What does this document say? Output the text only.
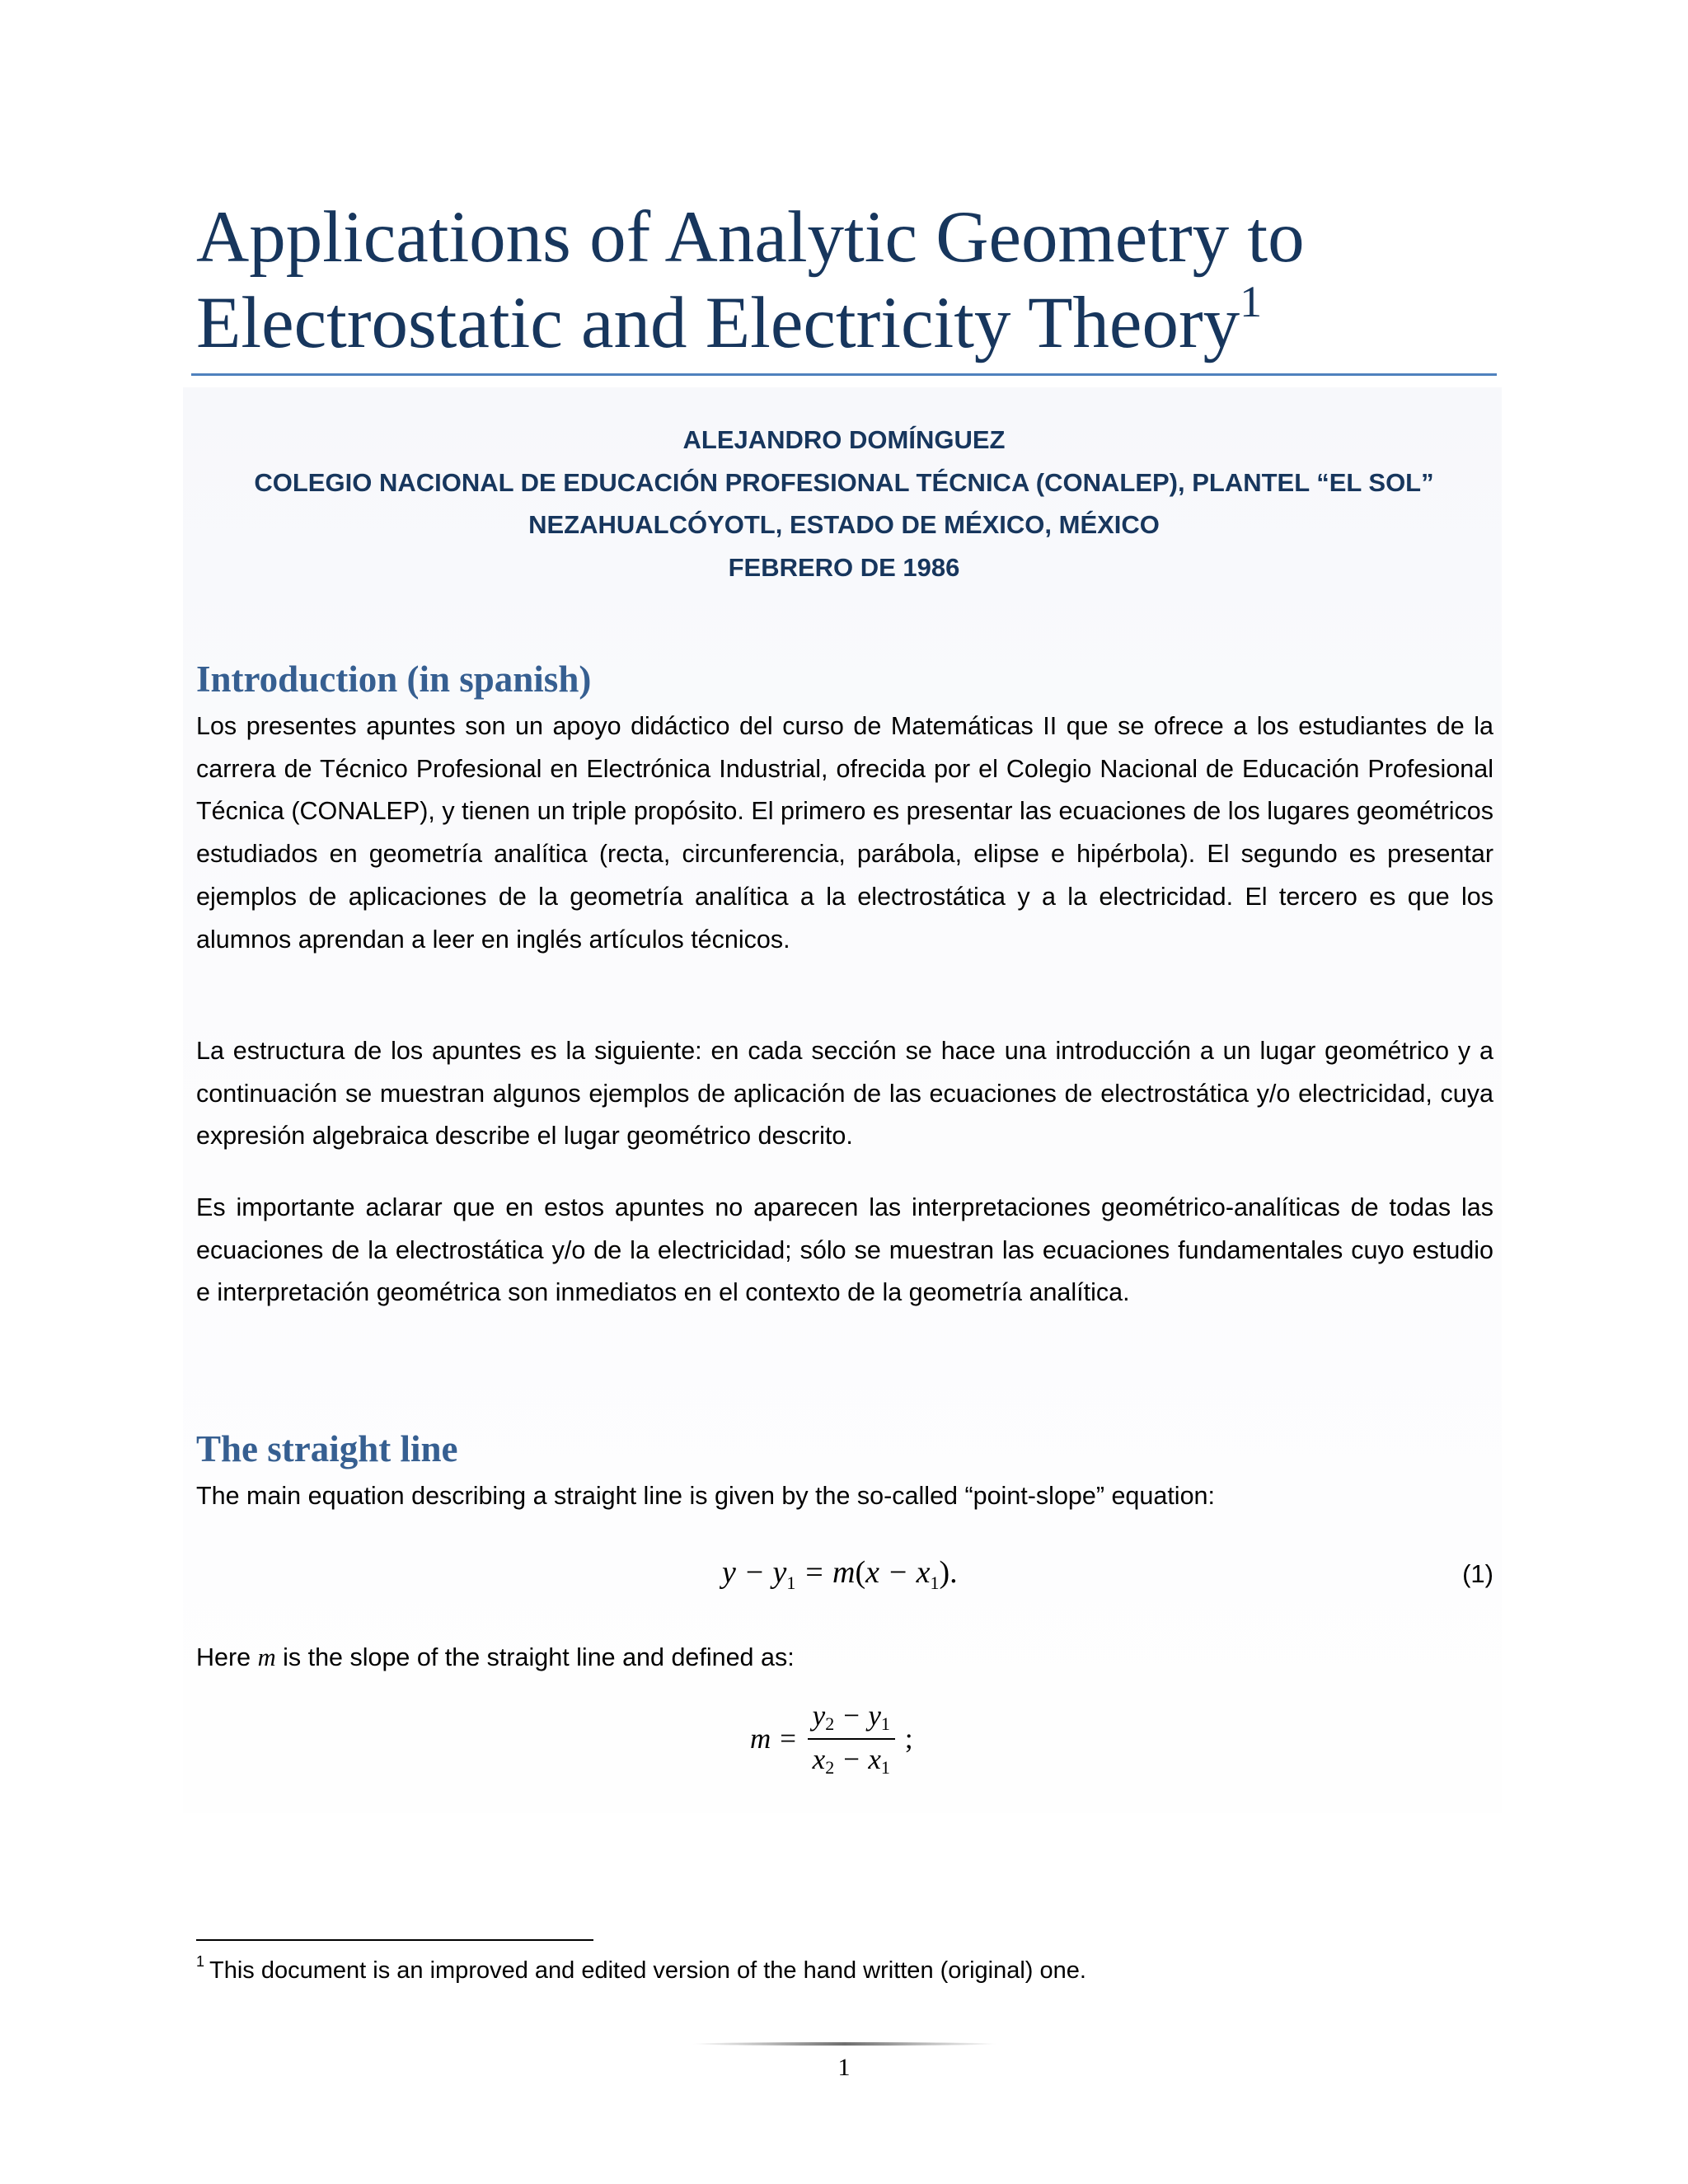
Applications of Analytic Geometry to
Electrostatic and Electricity Theory$^1$
ALEJANDRO DOMÍNGUEZ
COLEGIO NACIONAL DE EDUCACIÓN PROFESIONAL TÉCNICA (CONALEP), PLANTEL “EL SOL”
NEZAHUALCÓYOTL, ESTADO DE MÉXICO, MÉXICO
FEBRERO DE 1986
Introduction (in spanish)

Los presentes apuntes son un apoyo didáctico del curso de Matemáticas II que se ofrece a los estudiantes de la carrera de Técnico Profesional en Electrónica Industrial, ofrecida por el Colegio Nacional de Educación Profesional Técnica (CONALEP), y tienen un triple propósito. El primero es presentar las ecuaciones de los lugares geométricos estudiados en geometría analítica (recta, circunferencia, parábola, elipse e hipérbola). El segundo es presentar ejemplos de aplicaciones de la geometría analítica a la electrostática y a la electricidad. El tercero es que los alumnos aprendan a leer en inglés artículos técnicos.

La estructura de los apuntes es la siguiente: en cada sección se hace una introducción a un lugar geométrico y a continuación se muestran algunos ejemplos de aplicación de las ecuaciones de electrostática y/o electricidad, cuya expresión algebraica describe el lugar geométrico descrito.

Es importante aclarar que en estos apuntes no aparecen las interpretaciones geométrico-analíticas de todas las ecuaciones de la electrostática y/o de la electricidad; sólo se muestran las ecuaciones fundamentales cuyo estudio e interpretación geométrica son inmediatos en el contexto de la geometría analítica.

The straight line

The main equation describing a straight line is given by the so-called “point-slope” equation:

$y - y_1 = m(x - x_1)$.	(1)

Here m is the slope of the straight line and defined as:

$m = \frac{y_2 - y_1}{x_2 - x_1}$ ;
$^1$ This document is an improved and edited version of the hand written (original) one.
1
